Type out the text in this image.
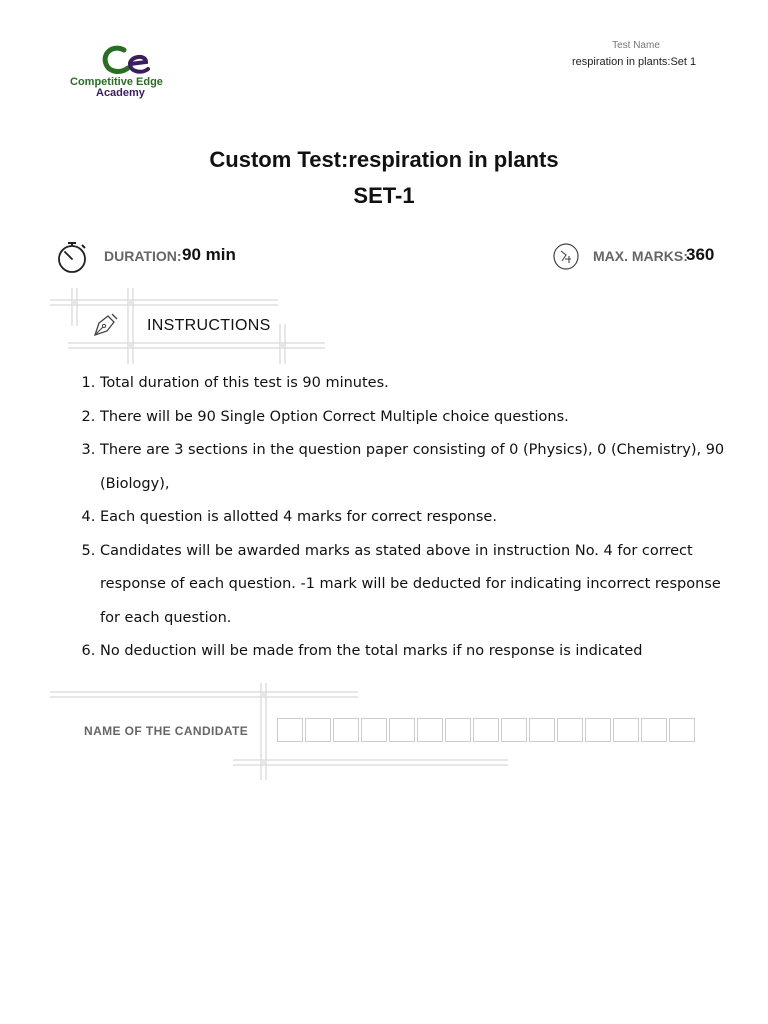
Competitive Edge
Academy
Test Name
respiration in plants:Set 1
Custom Test:respiration in plants
SET-1
DURATION: 90 min	MAX. MARKS:
360
INSTRUCTIONS
1. Total duration of this test is 90 minutes.
2. There will be 90 Single Option Correct Multiple choice questions.
3. There are 3 sections in the question paper consisting of 0 (Physics), 0 (Chemistry), 90 (Biology),
4. Each question is allotted 4 marks for correct response.
5. Candidates will be awarded marks as stated above in instruction No. 4 for correct response of each question. -1 mark will be deducted for indicating incorrect response for each question.
6. No deduction will be made from the total marks if no response is indicated
NAME OF THE CANDIDATE
